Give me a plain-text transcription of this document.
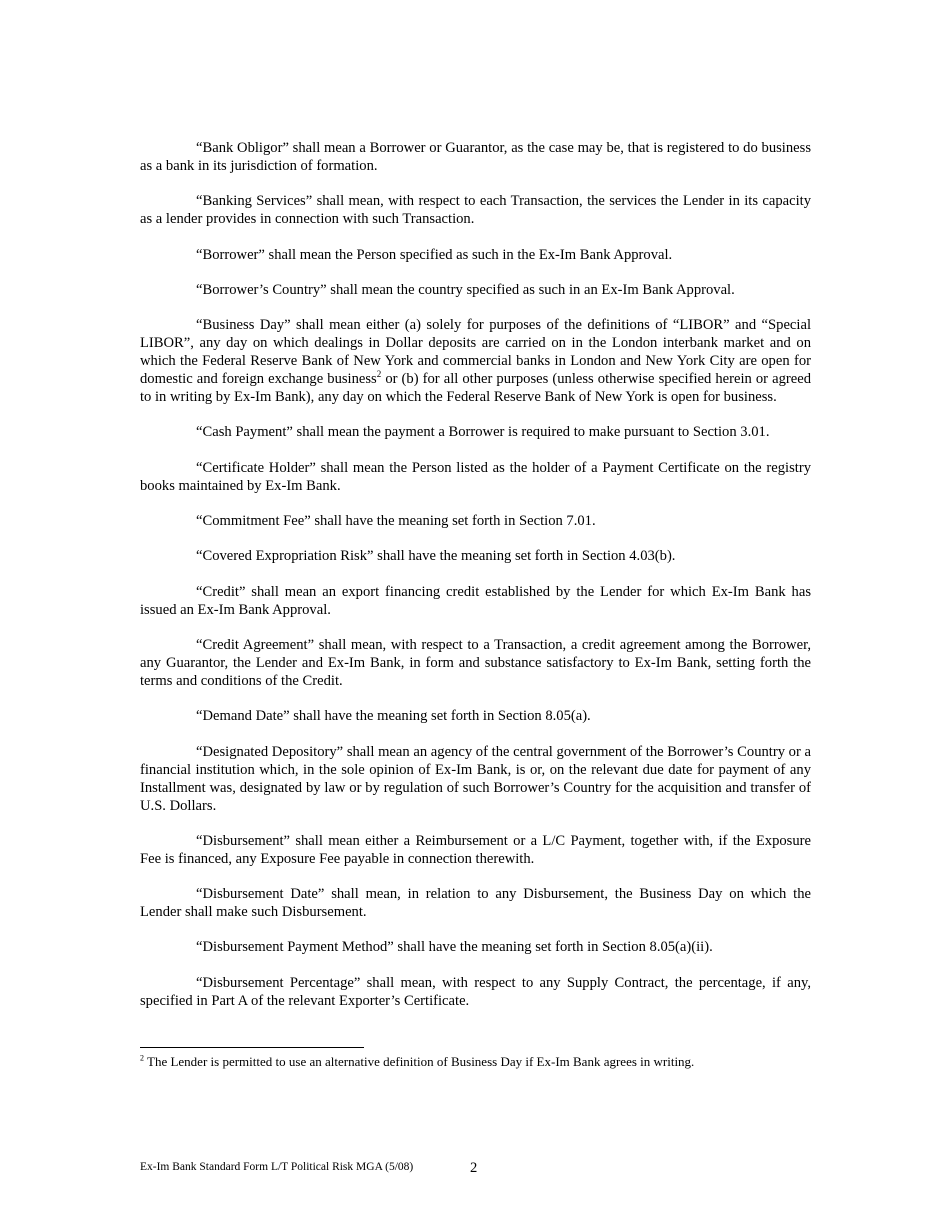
“Bank Obligor” shall mean a Borrower or Guarantor, as the case may be, that is registered to do business as a bank in its jurisdiction of formation.

“Banking Services” shall mean, with respect to each Transaction, the services the Lender in its capacity as a lender provides in connection with such Transaction.

“Borrower” shall mean the Person specified as such in the Ex-Im Bank Approval.

“Borrower’s Country” shall mean the country specified as such in an Ex-Im Bank Approval.

“Business Day” shall mean either (a) solely for purposes of the definitions of “LIBOR” and “Special LIBOR”, any day on which dealings in Dollar deposits are carried on in the London interbank market and on which the Federal Reserve Bank of New York and commercial banks in London and New York City are open for domestic and foreign exchange business$^2$ or (b) for all other purposes (unless otherwise specified herein or agreed to in writing by Ex-Im Bank), any day on which the Federal Reserve Bank of New York is open for business.

“Cash Payment” shall mean the payment a Borrower is required to make pursuant to Section 3.01.

“Certificate Holder” shall mean the Person listed as the holder of a Payment Certificate on the registry books maintained by Ex-Im Bank.

“Commitment Fee” shall have the meaning set forth in Section 7.01.

“Covered Expropriation Risk” shall have the meaning set forth in Section 4.03(b).

“Credit” shall mean an export financing credit established by the Lender for which Ex-Im Bank has issued an Ex-Im Bank Approval.

“Credit Agreement” shall mean, with respect to a Transaction, a credit agreement among the Borrower, any Guarantor, the Lender and Ex-Im Bank, in form and substance satisfactory to Ex-Im Bank, setting forth the terms and conditions of the Credit.

“Demand Date” shall have the meaning set forth in Section 8.05(a).

“Designated Depository” shall mean an agency of the central government of the Borrower’s Country or a financial institution which, in the sole opinion of Ex-Im Bank, is or, on the relevant due date for payment of any Installment was, designated by law or by regulation of such Borrower’s Country for the acquisition and transfer of U.S. Dollars.

“Disbursement” shall mean either a Reimbursement or a L/C Payment, together with, if the Exposure Fee is financed, any Exposure Fee payable in connection therewith.

“Disbursement Date” shall mean, in relation to any Disbursement, the Business Day on which the Lender shall make such Disbursement.

“Disbursement Payment Method” shall have the meaning set forth in Section 8.05(a)(ii).

“Disbursement Percentage” shall mean, with respect to any Supply Contract, the percentage, if any, specified in Part A of the relevant Exporter’s Certificate.

$^2$ The Lender is permitted to use an alternative definition of Business Day if Ex-Im Bank agrees in writing.
Ex-Im Bank Standard Form L/T Political Risk MGA (5/08)	2
